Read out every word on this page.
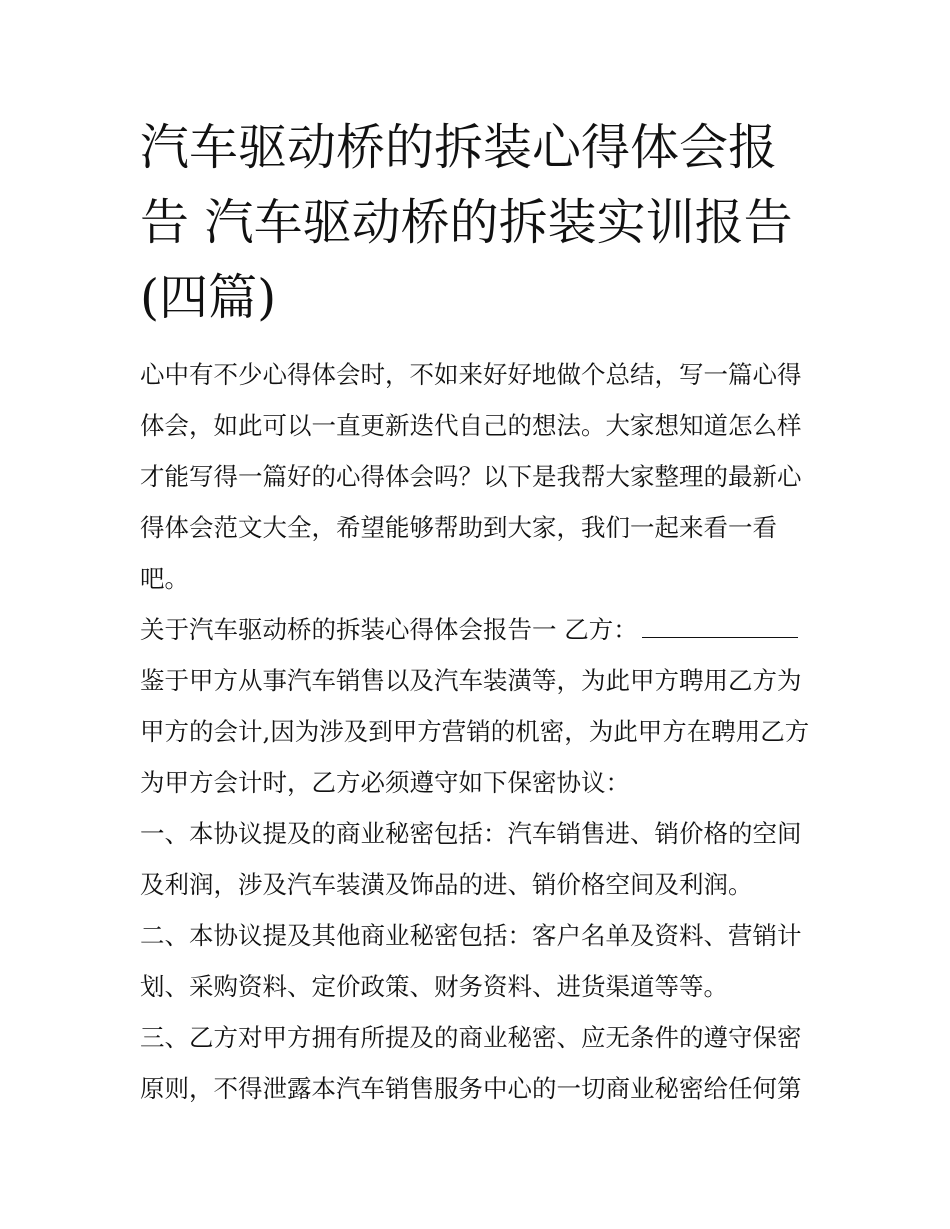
汽车驱动桥的拆装心得体会报
告 汽车驱动桥的拆装实训报告
(四篇)

心中有不少心得体会时，不如来好好地做个总结，写一篇心得体会，如此可以一直更新迭代自己的想法。大家想知道怎么样才能写得一篇好的心得体会吗？以下是我帮大家整理的最新心得体会范文大全，希望能够帮助到大家，我们一起来看一看吧。

关于汽车驱动桥的拆装心得体会报告一 乙方：

鉴于甲方从事汽车销售以及汽车装潢等，为此甲方聘用乙方为甲方的会计,因为涉及到甲方营销的机密，为此甲方在聘用乙方为甲方会计时，乙方必须遵守如下保密协议：

一、本协议提及的商业秘密包括：汽车销售进、销价格的空间及利润，涉及汽车装潢及饰品的进、销价格空间及利润。

二、本协议提及其他商业秘密包括：客户名单及资料、营销计划、采购资料、定价政策、财务资料、进货渠道等等。

三、乙方对甲方拥有所提及的商业秘密、应无条件的遵守保密原则，不得泄露本汽车销售服务中心的一切商业秘密给任何第
